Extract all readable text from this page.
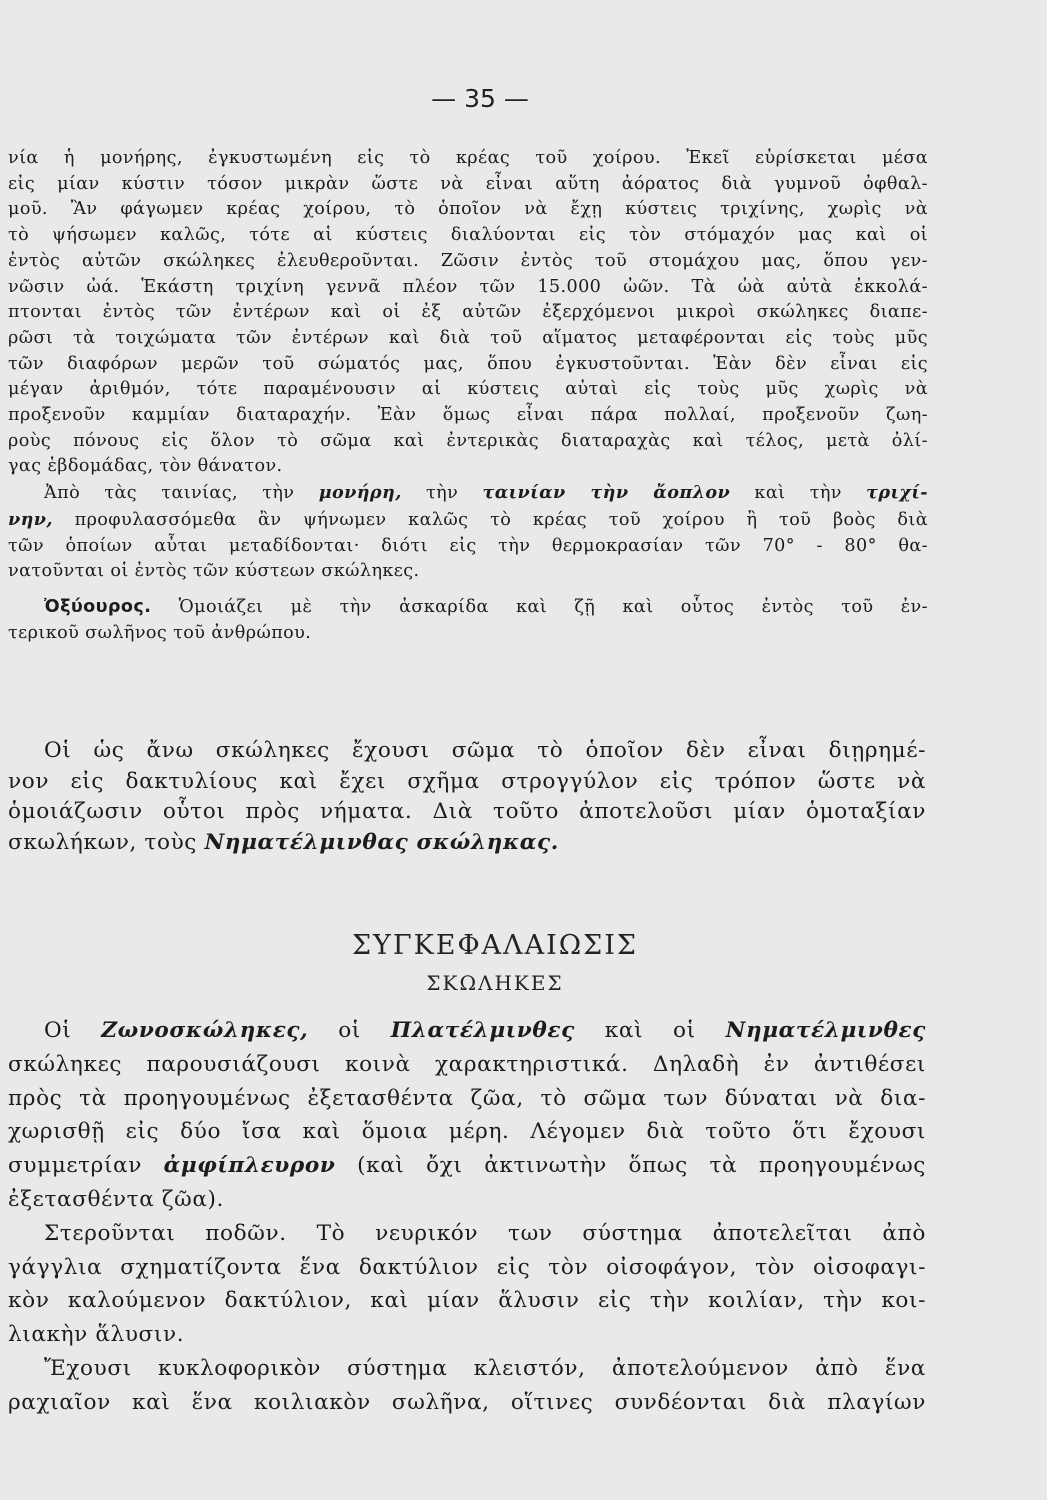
— 35 —
νία ἡ μονήρης, ἐγκυστωμένη εἰς τὸ κρέας τοῦ χοίρου. Ἐκεῖ εὑρίσκεται μέσα
εἰς μίαν κύστιν τόσον μικρὰν ὥστε νὰ εἶναι αὕτη ἀόρατος διὰ γυμνοῦ ὀφθαλ-
μοῦ. Ἂν φάγωμεν κρέας χοίρου, τὸ ὁποῖον νὰ ἔχῃ κύστεις τριχίνης, χωρὶς νὰ
τὸ ψήσωμεν καλῶς, τότε αἱ κύστεις διαλύονται εἰς τὸν στόμαχόν μας καὶ οἱ
ἐντὸς αὐτῶν σκώληκες ἐλευθεροῦνται. Ζῶσιν ἐντὸς τοῦ στομάχου μας, ὅπου γεν-
νῶσιν ὠά. Ἑκάστη τριχίνη γεννᾶ πλέον τῶν 15.000 ὠῶν. Τὰ ὠὰ αὐτὰ ἐκκολά-
πτονται ἐντὸς τῶν ἐντέρων καὶ οἱ ἐξ αὐτῶν ἐξερχόμενοι μικροὶ σκώληκες διαπε-
ρῶσι τὰ τοιχώματα τῶν ἐντέρων καὶ διὰ τοῦ αἵματος μεταφέρονται εἰς τοὺς μῦς
τῶν διαφόρων μερῶν τοῦ σώματός μας, ὅπου ἐγκυστοῦνται. Ἐὰν δὲν εἶναι εἰς
μέγαν ἀριθμόν, τότε παραμένουσιν αἱ κύστεις αὐταὶ εἰς τοὺς μῦς χωρὶς νὰ
προξενοῦν καμμίαν διαταραχήν. Ἐὰν ὅμως εἶναι πάρα πολλαί, προξενοῦν ζωη-
ροὺς πόνους εἰς ὅλον τὸ σῶμα καὶ ἐντερικὰς διαταραχὰς καὶ τέλος, μετὰ ὀλί-
γας ἑβδομάδας, τὸν θάνατον.
Ἀπὸ τὰς ταινίας, τὴν μονήρη, τὴν ταινίαν τὴν ἄοπλον καὶ τὴν τριχί-
νην, προφυλασσόμεθα ἂν ψήνωμεν καλῶς τὸ κρέας τοῦ χοίρου ἢ τοῦ βοὸς διὰ
τῶν ὁποίων αὗται μεταδίδονται· διότι εἰς τὴν θερμοκρασίαν τῶν 70° - 80° θα-
νατοῦνται οἱ ἐντὸς τῶν κύστεων σκώληκες.
Ὀξύουρος. Ὁμοιάζει μὲ τὴν ἀσκαρίδα καὶ ζῇ καὶ οὗτος ἐντὸς τοῦ ἐν-
τερικοῦ σωλῆνος τοῦ ἀνθρώπου.
Οἱ ὡς ἄνω σκώληκες ἔχουσι σῶμα τὸ ὁποῖον δὲν εἶναι διῃρημέ-
νον εἰς δακτυλίους καὶ ἔχει σχῆμα στρογγύλον εἰς τρόπον ὥστε νὰ
ὁμοιάζωσιν οὗτοι πρὸς νήματα. Διὰ τοῦτο ἀποτελοῦσι μίαν ὁμοταξίαν
σκωλήκων, τοὺς Νηματέλμινθας σκώληκας.
ΣΥΓΚΕΦΑΛΑΙΩΣΙΣ
ΣΚΩΛΗΚΕΣ
Οἱ Ζωνοσκώληκες, οἱ Πλατέλμινθες καὶ οἱ Νηματέλμινθες
σκώληκες παρουσιάζουσι κοινὰ χαρακτηριστικά. Δηλαδὴ ἐν ἀντιθέσει
πρὸς τὰ προηγουμένως ἐξετασθέντα ζῶα, τὸ σῶμα των δύναται νὰ δια-
χωρισθῇ εἰς δύο ἴσα καὶ ὅμοια μέρη. Λέγομεν διὰ τοῦτο ὅτι ἔχουσι
συμμετρίαν ἀμφίπλευρον (καὶ ὄχι ἀκτινωτὴν ὅπως τὰ προηγουμένως
ἐξετασθέντα ζῶα).
Στεροῦνται ποδῶν. Τὸ νευρικόν των σύστημα ἀποτελεῖται ἀπὸ
γάγγλια σχηματίζοντα ἕνα δακτύλιον εἰς τὸν οἰσοφάγον, τὸν οἰσοφαγι-
κὸν καλούμενον δακτύλιον, καὶ μίαν ἅλυσιν εἰς τὴν κοιλίαν, τὴν κοι-
λιακὴν ἅλυσιν.
Ἔχουσι κυκλοφορικὸν σύστημα κλειστόν, ἀποτελούμενον ἀπὸ ἕνα
ραχιαῖον καὶ ἕνα κοιλιακὸν σωλῆνα, οἵτινες συνδέονται διὰ πλαγίων
